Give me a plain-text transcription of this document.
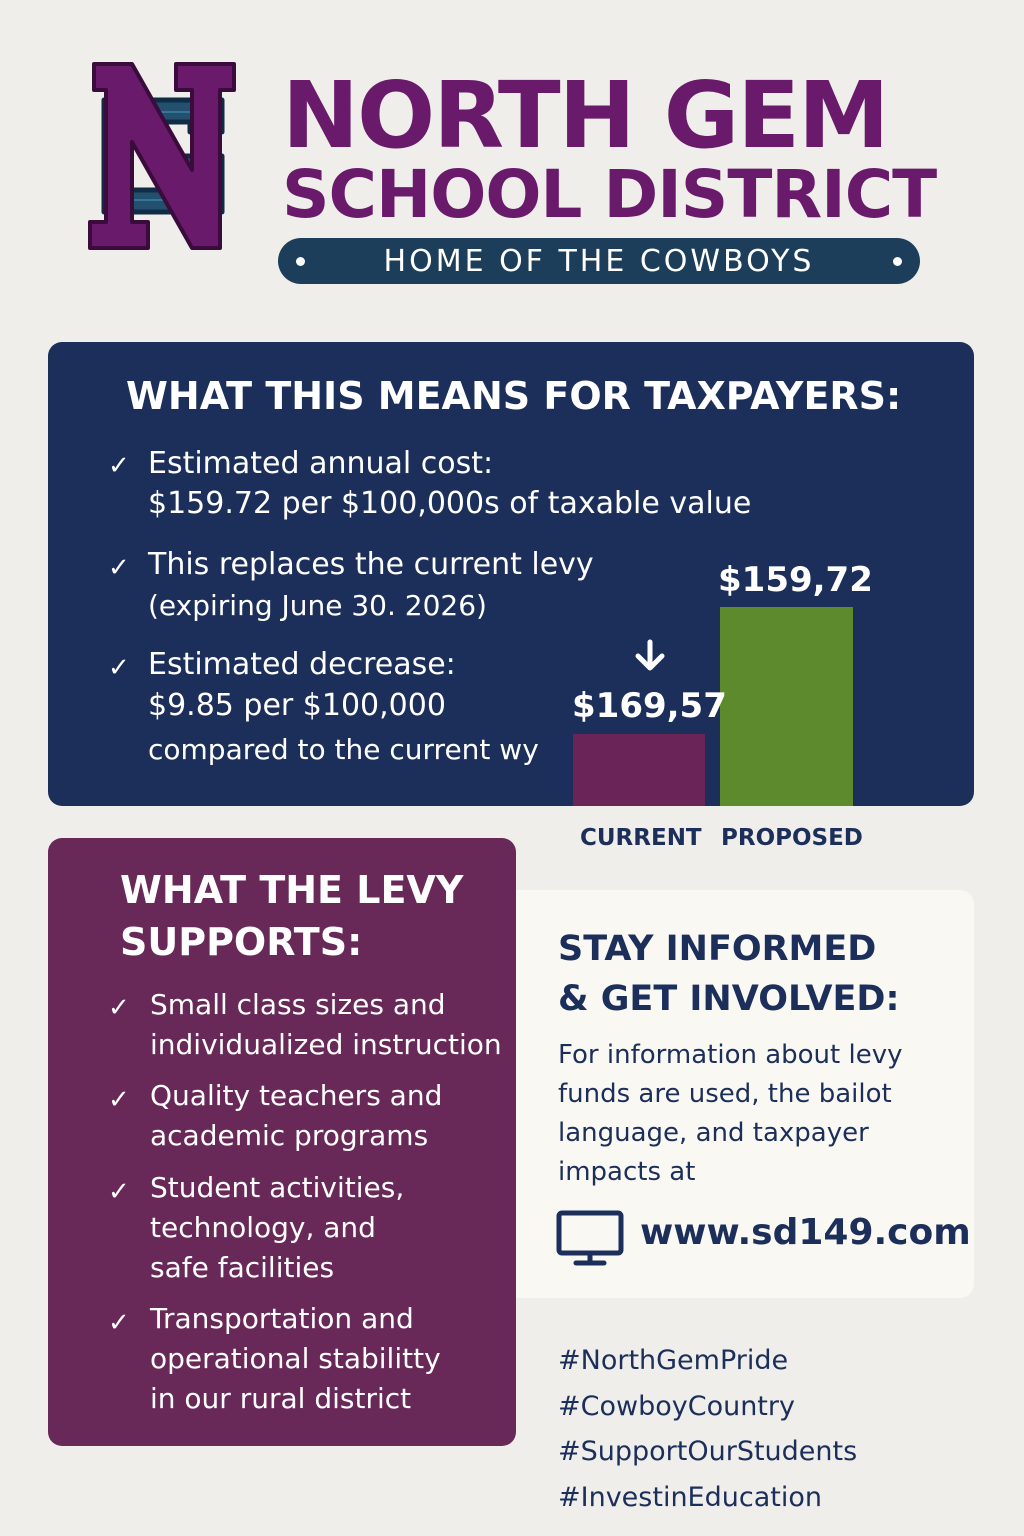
NORTH GEM
SCHOOL DISTRICT
HOME OF THE COWBOYS
WHAT THIS MEANS FOR TAXPAYERS:
✓ Estimated annual cost:
$159.72 per $100,000s of taxable value
✓ This replaces the current levy
(expiring June 30. 2026)
✓ Estimated decrease:
$9.85 per $100,000
compared to the current wy
$169,57
$159,72
CURRENT PROPOSED
WHAT THE LEVY
SUPPORTS:
✓ Small class sizes and
individualized instruction
✓ Quality teachers and
academic programs
✓ Student activities,
technology, and
safe facilities
✓ Transportation and
operational stabilitty
in our rural district
STAY INFORMED
& GET INVOLVED:
For information about levy
funds are used, the bailot
language, and taxpayer
impacts at
www.sd149.com
#NorthGemPride
#CowboyCountry
#SupportOurStudents
#InvestinEducation
